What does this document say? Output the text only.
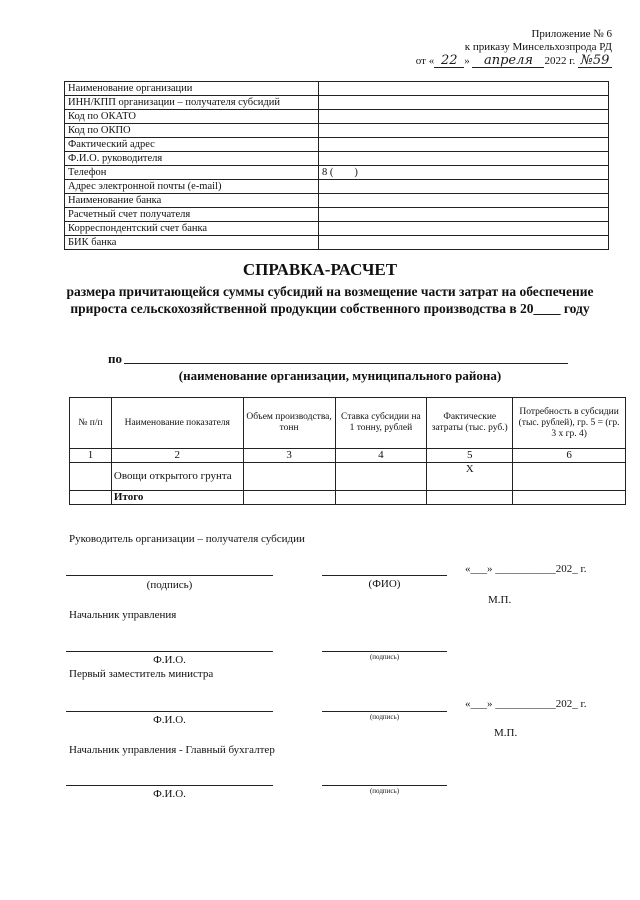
Приложение № 6
к приказу Минсельхозпрода РД
от « 22 » апреля 2022 г. №59
Наименование организации	
ИНН/КПП организации – получателя субсидий	
Код по ОКАТО	
Код по ОКПО	
Фактический адрес	
Ф.И.О. руководителя	
Телефон	8 (        )
Адрес электронной почты (e-mail)	
Наименование банка	
Расчетный счет получателя	
Корреспондентский счет банка	
БИК банка	
СПРАВКА-РАСЧЕТ
размера причитающейся суммы субсидий на возмещение части затрат на обеспечение прироста сельскохозяйственной продукции собственного производства в 20____ году
по
(наименование организации, муниципального района)
№ п/п	Наименование показателя	Объем производства, тонн	Ставка субсидии на 1 тонну, рублей	Фактические затраты (тыс. руб.)	Потребность в субсидии (тыс. рублей), гр. 5 = (гр. 3 х гр. 4)
1	2	3	4	5	6
	Овощи открытого грунта			X	
	Итого				
Руководитель организации – получателя субсидии
«___» ___________202_ г.
(подпись)	(ФИО)
М.П.
Начальник управления
Ф.И.О.	(подпись)
Первый заместитель министра
«___» ___________202_ г.
Ф.И.О.	(подпись)
М.П.
Начальник управления - Главный бухгалтер
Ф.И.О.	(подпись)
